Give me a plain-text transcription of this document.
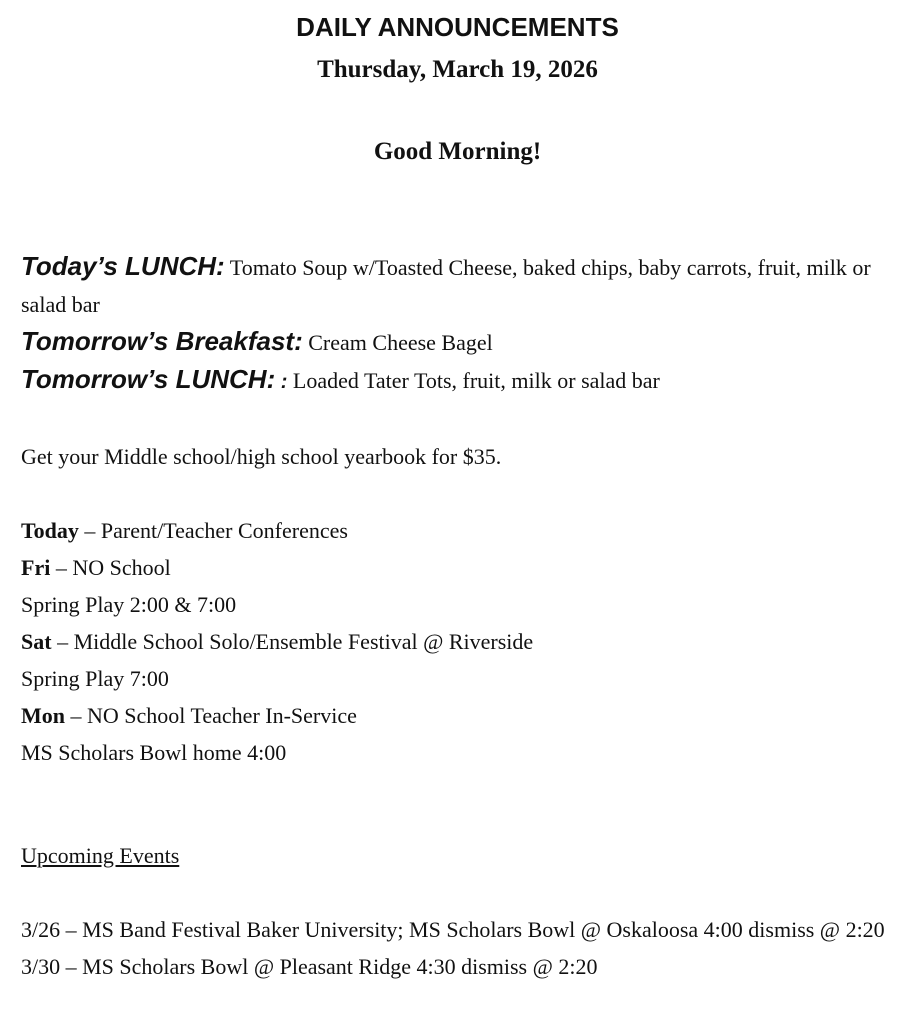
DAILY ANNOUNCEMENTS
Thursday, March 19, 2026
Good Morning!
Today’s LUNCH: Tomato Soup w/Toasted Cheese, baked chips, baby carrots, fruit, milk or salad bar
Tomorrow’s Breakfast: Cream Cheese Bagel
Tomorrow’s LUNCH: : Loaded Tater Tots, fruit, milk or salad bar
Get your Middle school/high school yearbook for $35.
Today – Parent/Teacher Conferences
Fri – NO School
Spring Play 2:00 & 7:00
Sat – Middle School Solo/Ensemble Festival @ Riverside
Spring Play 7:00
Mon – NO School Teacher In-Service
MS Scholars Bowl home 4:00
Upcoming Events
3/26 – MS Band Festival Baker University; MS Scholars Bowl @ Oskaloosa 4:00 dismiss @ 2:20
3/30 – MS Scholars Bowl @ Pleasant Ridge 4:30 dismiss @ 2:20
